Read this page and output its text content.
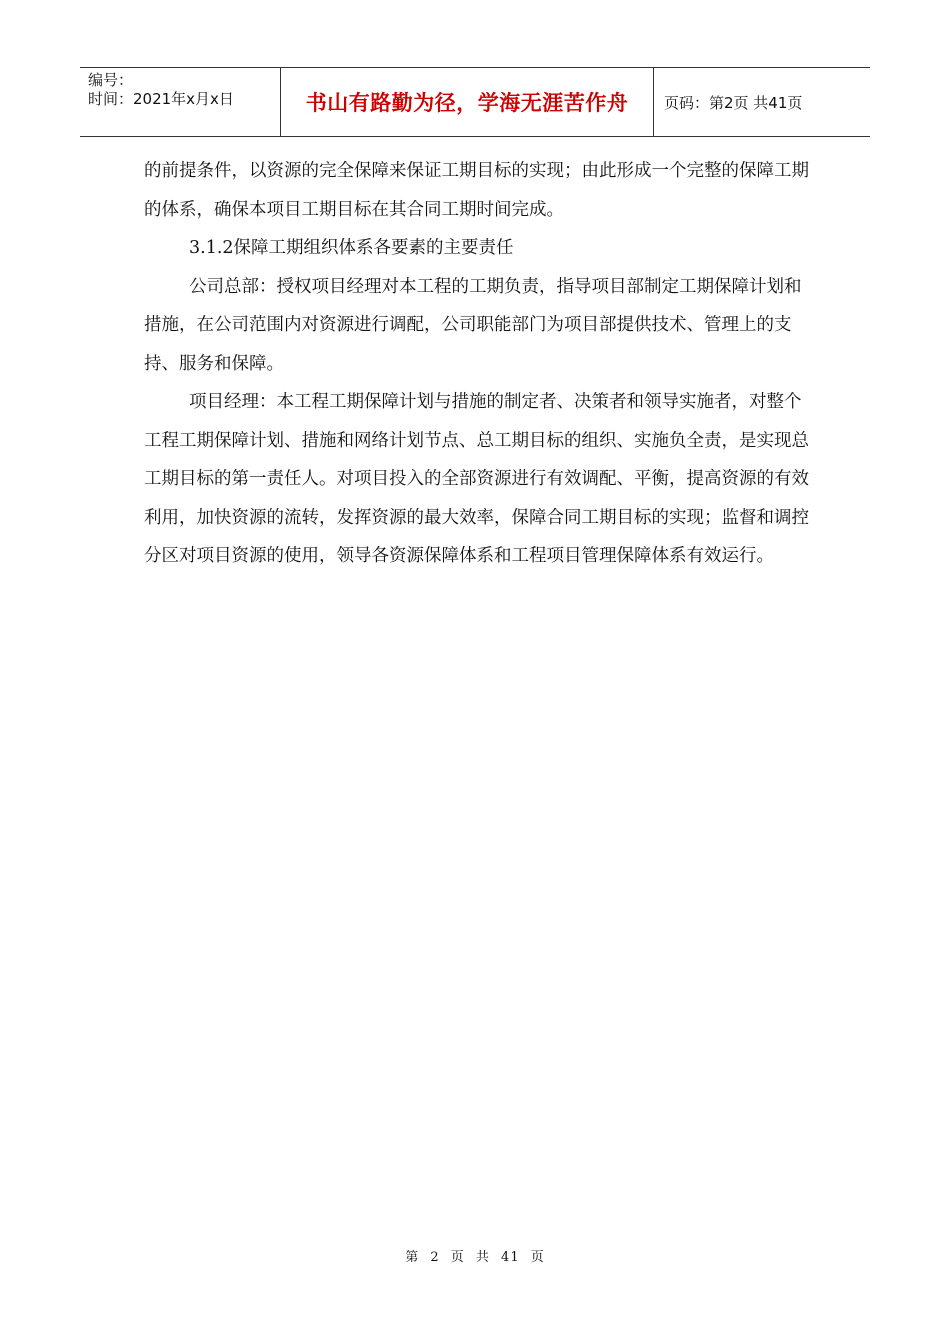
编号：
时间：2021年x月x日	书山有路勤为径，学海无涯苦作舟 页码：第2页 共41页

的前提条件，以资源的完全保障来保证工期目标的实现；由此形成一个完整的保障工期的体系，确保本项目工期目标在其合同工期时间完成。

3.1.2保障工期组织体系各要素的主要责任

公司总部：授权项目经理对本工程的工期负责，指导项目部制定工期保障计划和措施，在公司范围内对资源进行调配，公司职能部门为项目部提供技术、管理上的支持、服务和保障。

项目经理：本工程工期保障计划与措施的制定者、决策者和领导实施者，对整个工程工期保障计划、措施和网络计划节点、总工期目标的组织、实施负全责，是实现总工期目标的第一责任人。对项目投入的全部资源进行有效调配、平衡，提高资源的有效利用，加快资源的流转，发挥资源的最大效率，保障合同工期目标的实现；监督和调控分区对项目资源的使用，领导各资源保障体系和工程项目管理保障体系有效运行。

第 2 页 共 41 页
